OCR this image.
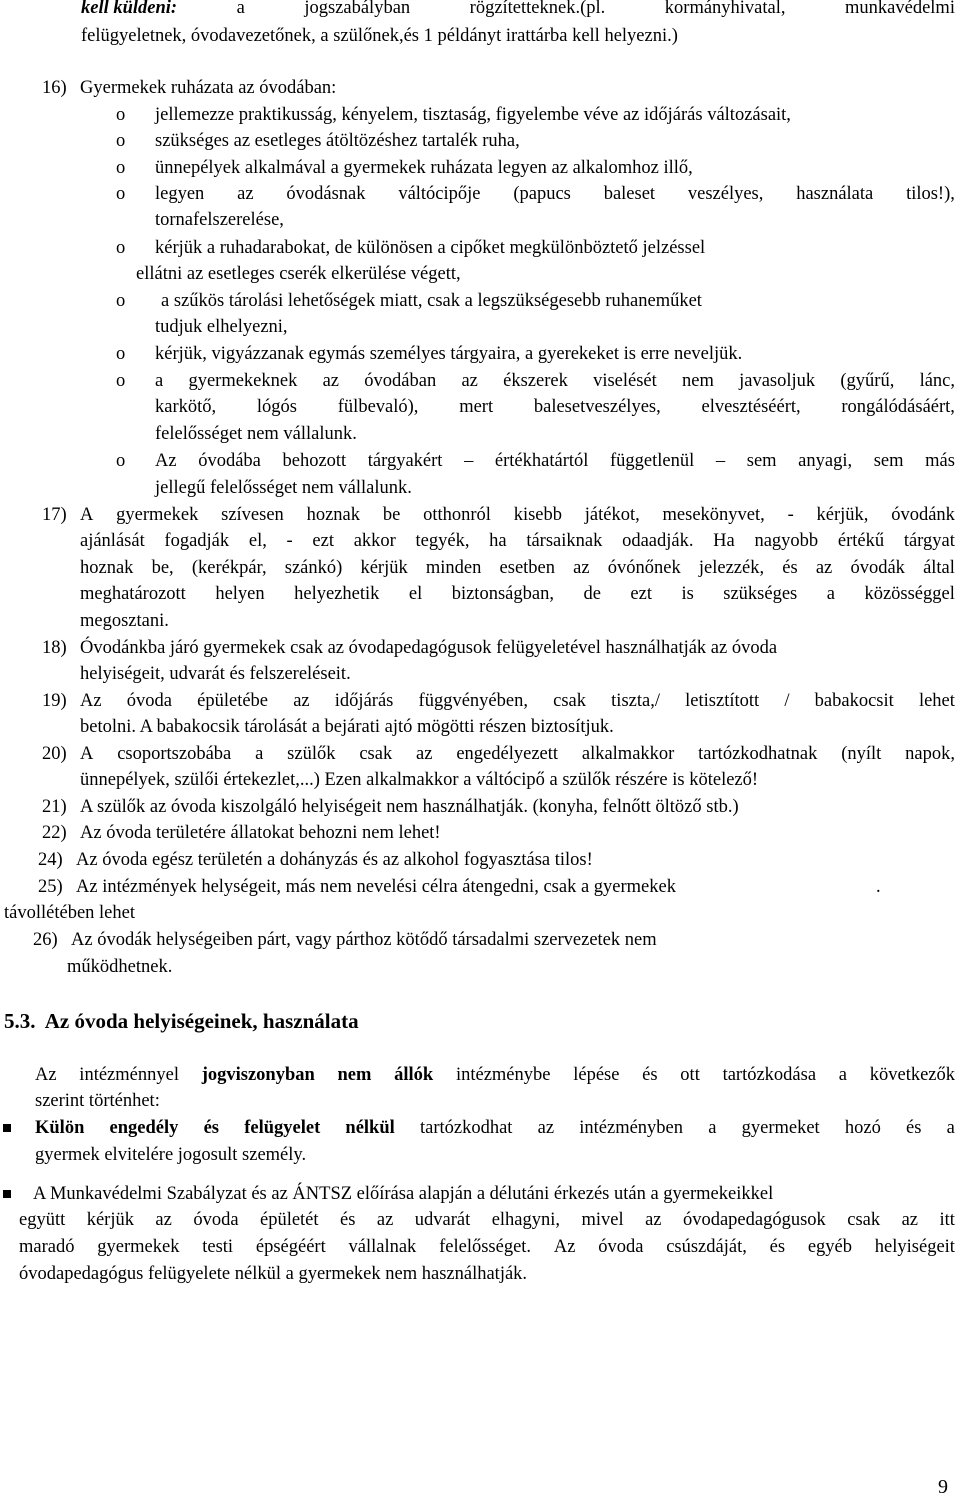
kell küldeni:	a	jogszabályban	rögzítetteknek.(pl.	kormányhivatal,	munkavédelmi
felügyeletnek, óvodavezetőnek, a szülőnek,és 1 példányt irattárba kell helyezni.)
16) Gyermekek ruházata az óvodában:
o jellemezze praktikusság, kényelem, tisztaság, figyelembe véve az időjárás változásait,
o szükséges az esetleges átöltözéshez tartalék ruha,
o ünnepélyek alkalmával a gyermekek ruházata legyen az alkalomhoz illő,
o legyen az óvodásnak váltócipője (papucs baleset veszélyes, használata tilos!),
tornafelszerelése,
o kérjük a ruhadarabokat, de különösen a cipőket megkülönböztető jelzéssel
ellátni az esetleges cserék elkerülése végett,
o a szűkös tárolási lehetőségek miatt, csak a legszükségesebb ruhaneműket
tudjuk elhelyezni,
o kérjük, vigyázzanak egymás személyes tárgyaira, a gyerekeket is erre neveljük.
o a gyermekeknek az óvodában az ékszerek viselését nem javasoljuk (gyűrű, lánc,
karkötő, lógós fülbevaló), mert balesetveszélyes, elvesztéséért, rongálódásáért,
felelősséget nem vállalunk.
o Az óvodába behozott tárgyakért – értékhatártól függetlenül – sem anyagi, sem más
jellegű felelősséget nem vállalunk.
17) A gyermekek szívesen hoznak be otthonról kisebb játékot, mesekönyvet, - kérjük, óvodánk
ajánlását fogadják el, - ezt akkor tegyék, ha társaiknak odaadják. Ha nagyobb értékű tárgyat
hoznak be, (kerékpár, szánkó) kérjük minden esetben az óvónőnek jelezzék, és az óvodák által
meghatározott helyen helyezhetik el biztonságban, de ezt is szükséges a közösséggel
megosztani.
18) Óvodánkba járó gyermekek csak az óvodapedagógusok felügyeletével használhatják az óvoda
helyiségeit, udvarát és felszereléseit.
19) Az óvoda épületébe az időjárás függvényében, csak tiszta,/ letisztított / babakocsit lehet
betolni. A babakocsik tárolását a bejárati ajtó mögötti részen biztosítjuk.
20) A csoportszobába a szülők csak az engedélyezett alkalmakkor tartózkodhatnak (nyílt napok,
ünnepélyek, szülői értekezlet,...) Ezen alkalmakkor a váltócipő a szülők részére is kötelező!
21) A szülők az óvoda kiszolgáló helyiségeit nem használhatják. (konyha, felnőtt öltöző stb.)
22) Az óvoda területére állatokat behozni nem lehet!
24) Az óvoda egész területén a dohányzás és az alkohol fogyasztása tilos!
25) Az intézmények helységeit, más nem nevelési célra átengedni, csak a gyermekek	.
távollétében lehet
26) Az óvodák helységeiben párt, vagy párthoz kötődő társadalmi szervezetek nem
működhetnek.
5.3. Az óvoda helyiségeinek, használata
Az intézménnyel jogviszonyban nem állók intézménybe lépése és ott tartózkodása a következők
szerint történhet:
Külön engedély és felügyelet nélkül tartózkodhat az intézményben a gyermeket hozó és a
gyermek elvitelére jogosult személy.
A Munkavédelmi Szabályzat és az ÁNTSZ előírása alapján a délutáni érkezés után a gyermekeikkel
együtt kérjük az óvoda épületét és az udvarát elhagyni, mivel az óvodapedagógusok csak az itt
maradó gyermekek testi épségéért vállalnak felelősséget. Az óvoda csúszdáját, és egyéb helyiségeit
óvodapedagógus felügyelete nélkül a gyermekek nem használhatják.
9
